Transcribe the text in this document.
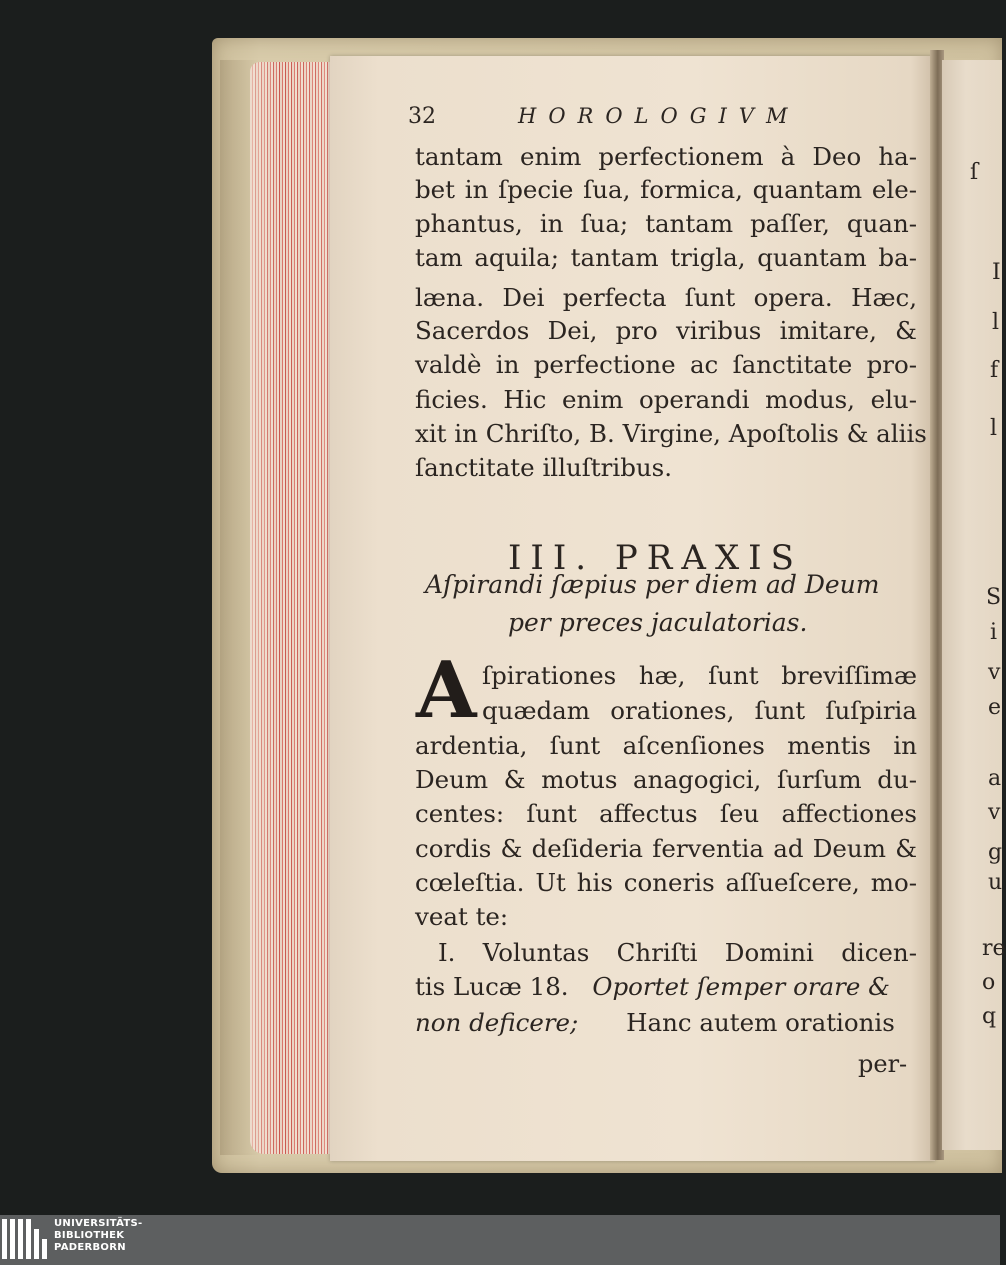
ſ
I
l
f
l
S
i
v
e
a
v
g
u
re
o
q
32	HOROLOGIVM
tantam enim perfectionem à Deo ha-
bet in ſpecie ſua, formica, quantam ele-
phantus, in ſua; tantam paſſer, quan-
tam aquila; tantam trigla, quantam ba-
læna. Dei perfecta ſunt opera. Hæc,
Sacerdos Dei, pro viribus imitare, &
valdè in perfectione ac ſanctitate pro-
ficies. Hic enim operandi modus, elu-
xit in Chriſto, B. Virgine, Apoſtolis & aliis
ſanctitate illuſtribus.
III. PRAXIS
Aſpirandi ſæpius per diem ad Deum
per preces jaculatorias.
A ſpirationes hæ, ſunt breviſſimæ
quædam orationes, ſunt ſuſpiria
ardentia, ſunt aſcenſiones mentis in
Deum & motus anagogici, ſurſum du-
centes: ſunt affectus ſeu affectiones
cordis & deſideria ferventia ad Deum &
cœleſtia. Ut his coneris aſſueſcere, mo-
veat te:
I. Voluntas Chriſti Domini dicen-
tis Lucæ 18. Oportet ſemper orare &
non deficere; Hanc autem orationis
per-
UNIVERSITÄTS-
BIBLIOTHEK
PADERBORN
